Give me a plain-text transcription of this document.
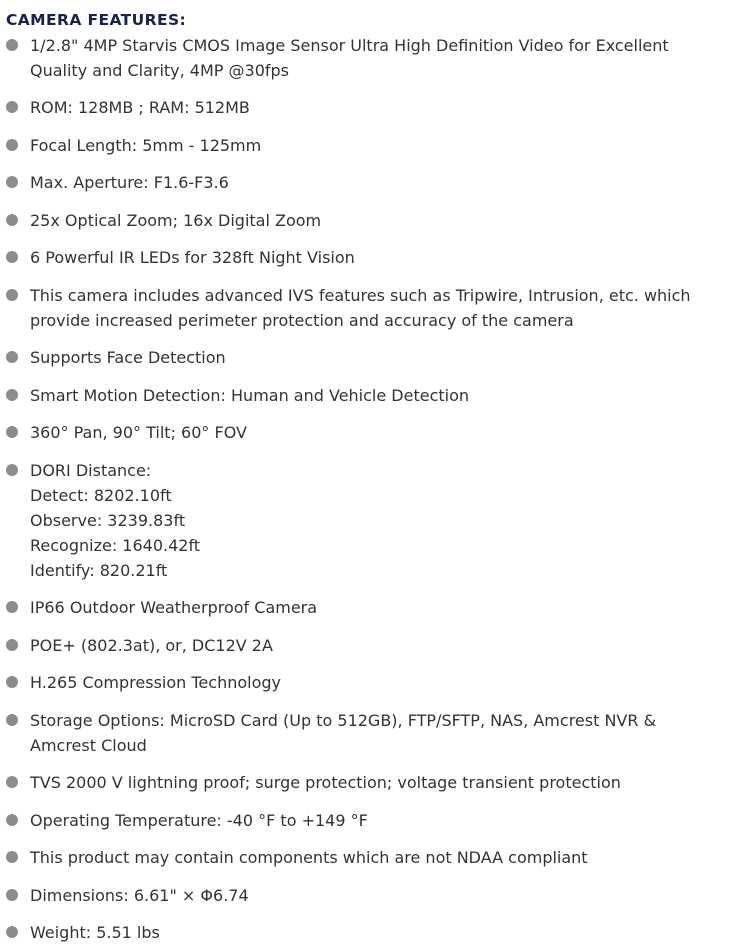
CAMERA FEATURES:
1/2.8" 4MP Starvis CMOS Image Sensor Ultra High Definition Video for Excellent
Quality and Clarity, 4MP @30fps
ROM: 128MB ; RAM: 512MB
Focal Length: 5mm - 125mm
Max. Aperture: F1.6-F3.6
25x Optical Zoom; 16x Digital Zoom
6 Powerful IR LEDs for 328ft Night Vision
This camera includes advanced IVS features such as Tripwire, Intrusion, etc. which
provide increased perimeter protection and accuracy of the camera
Supports Face Detection
Smart Motion Detection: Human and Vehicle Detection
360° Pan, 90° Tilt; 60° FOV
DORI Distance:
Detect: 8202.10ft
Observe: 3239.83ft
Recognize: 1640.42ft
Identify: 820.21ft
IP66 Outdoor Weatherproof Camera
POE+ (802.3at), or, DC12V 2A
H.265 Compression Technology
Storage Options: MicroSD Card (Up to 512GB), FTP/SFTP, NAS, Amcrest NVR &
Amcrest Cloud
TVS 2000 V lightning proof; surge protection; voltage transient protection
Operating Temperature: -40 °F to +149 °F
This product may contain components which are not NDAA compliant
Dimensions: 6.61" × Φ6.74
Weight: 5.51 lbs
